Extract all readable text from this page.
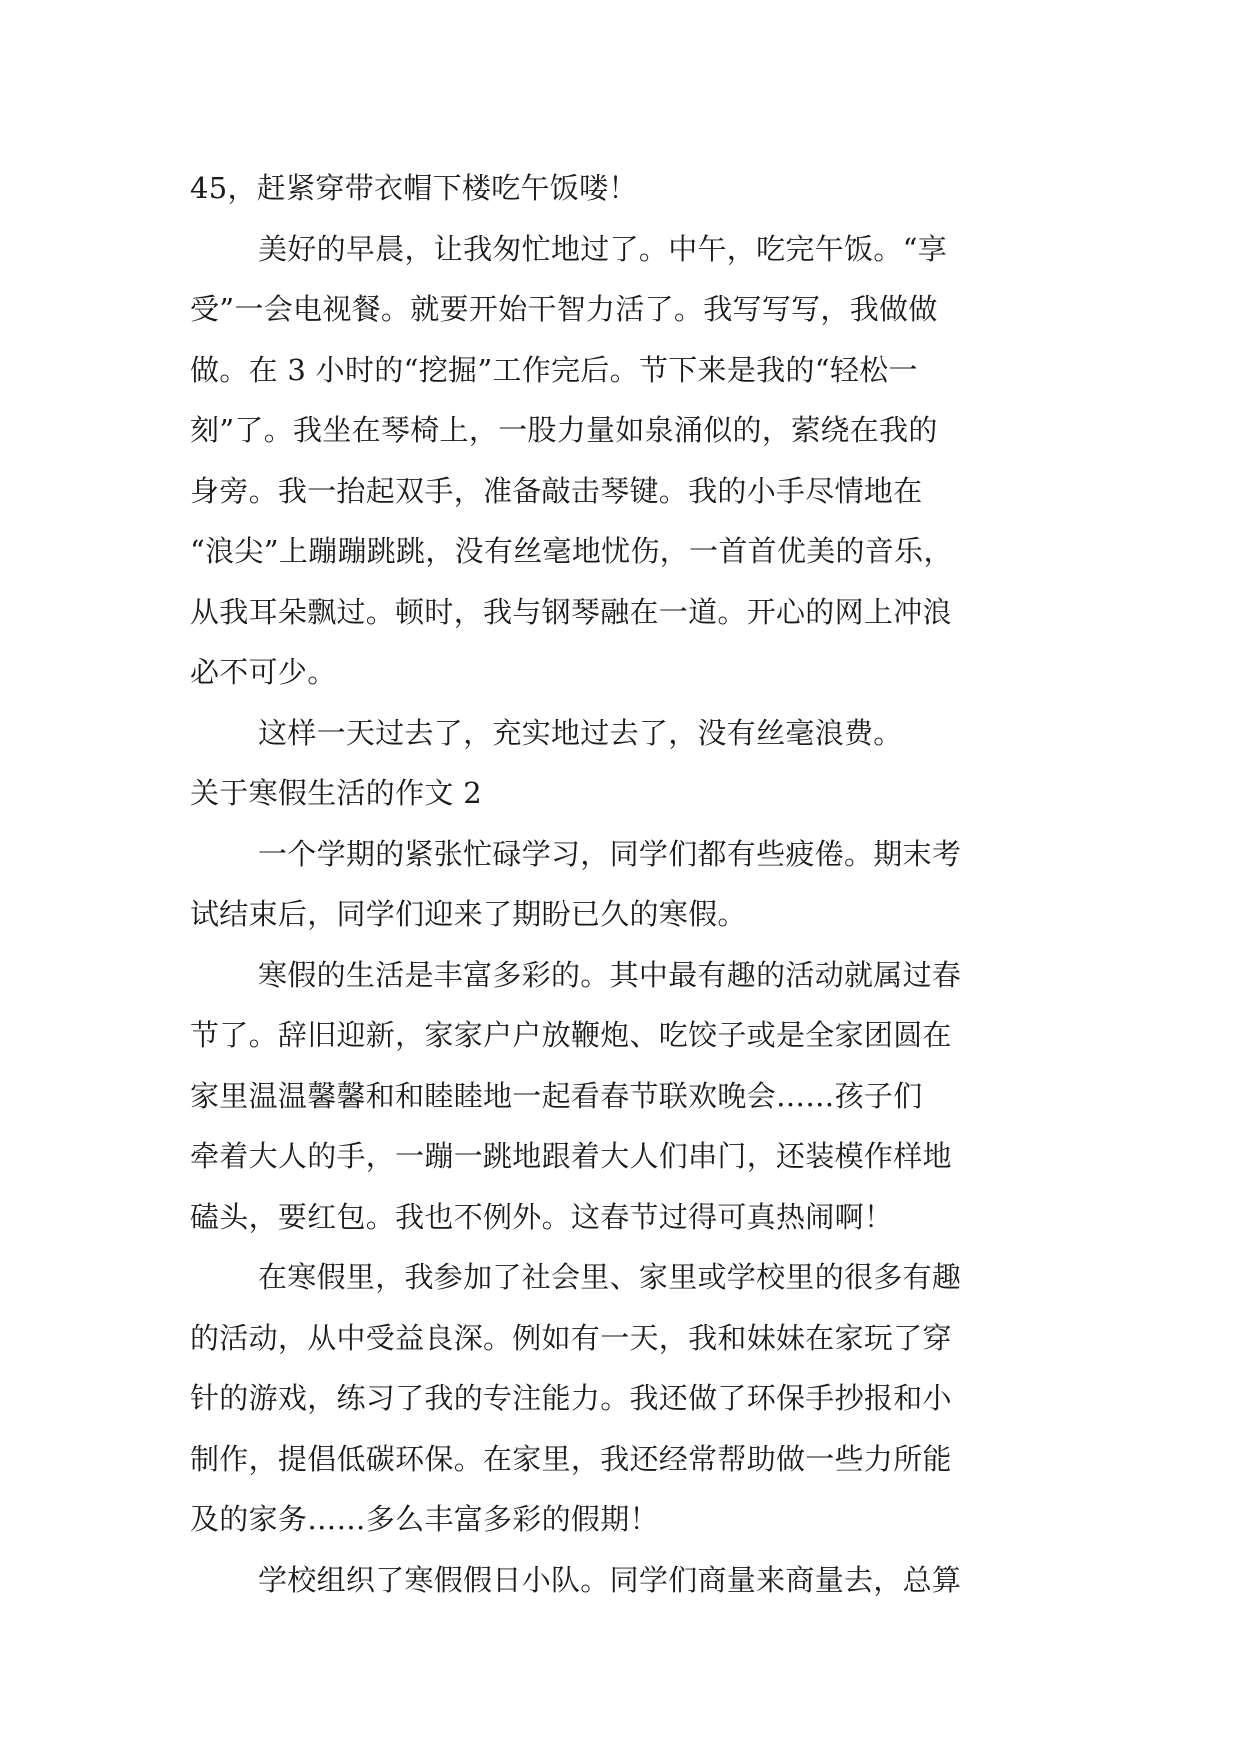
45，赶紧穿带衣帽下楼吃午饭喽！
美好的早晨，让我匆忙地过了。中午，吃完午饭。“享
受”一会电视餐。就要开始干智力活了。我写写写，我做做
做。在 3 小时的“挖掘”工作完后。节下来是我的“轻松一
刻”了。我坐在琴椅上，一股力量如泉涌似的，萦绕在我的
身旁。我一抬起双手，准备敲击琴键。我的小手尽情地在
“浪尖”上蹦蹦跳跳，没有丝毫地忧伤，一首首优美的音乐，
从我耳朵飘过。顿时，我与钢琴融在一道。开心的网上冲浪
必不可少。
这样一天过去了，充实地过去了，没有丝毫浪费。
关于寒假生活的作文 2
一个学期的紧张忙碌学习，同学们都有些疲倦。期末考
试结束后，同学们迎来了期盼已久的寒假。
寒假的生活是丰富多彩的。其中最有趣的活动就属过春
节了。辞旧迎新，家家户户放鞭炮、吃饺子或是全家团圆在
家里温温馨馨和和睦睦地一起看春节联欢晚会……孩子们
牵着大人的手，一蹦一跳地跟着大人们串门，还装模作样地
磕头，要红包。我也不例外。这春节过得可真热闹啊！
在寒假里，我参加了社会里、家里或学校里的很多有趣
的活动，从中受益良深。例如有一天，我和妹妹在家玩了穿
针的游戏，练习了我的专注能力。我还做了环保手抄报和小
制作，提倡低碳环保。在家里，我还经常帮助做一些力所能
及的家务……多么丰富多彩的假期！
学校组织了寒假假日小队。同学们商量来商量去，总算
